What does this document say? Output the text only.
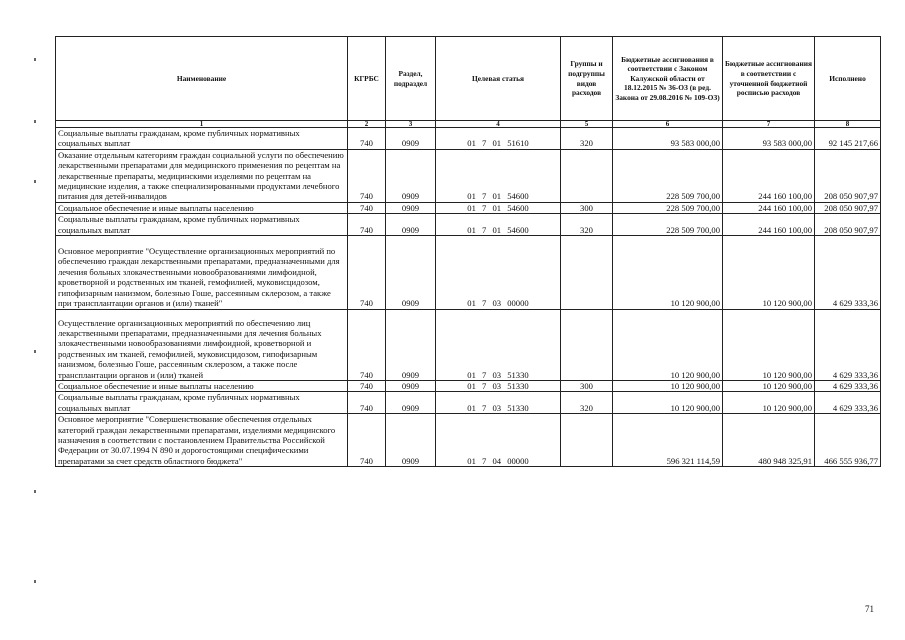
Наименование	КГРБС	Раздел, подраздел	Целевая статья	Группы и подгруппы видов расходов	Бюджетные ассигнования в соответствии с Законом Калужской области от 18.12.2015 № 36-ОЗ (в ред. Закона от 29.08.2016 № 109-ОЗ)	Бюджетные ассигнования в соответствии с уточненной бюджетной росписью расходов	Исполнено
1	2	3	4	5	6	7	8
Социальные выплаты гражданам, кроме публичных нормативных социальных выплат	740	0909	01 7 01 51610	320	93 583 000,00	93 583 000,00	92 145 217,66
Оказание отдельным категориям граждан социальной услуги по обеспечению лекарственными препаратами для медицинского применения по рецептам на лекарственные препараты, медицинскими изделиями по рецептам на медицинские изделия, а также специализированными продуктами лечебного питания для детей-инвалидов	740	0909	01 7 01 54600		228 509 700,00	244 160 100,00	208 050 907,97
Социальное обеспечение и иные выплаты населению	740	0909	01 7 01 54600	300	228 509 700,00	244 160 100,00	208 050 907,97
Социальные выплаты гражданам, кроме публичных нормативных социальных выплат	740	0909	01 7 01 54600	320	228 509 700,00	244 160 100,00	208 050 907,97
Основное мероприятие "Осуществление организационных мероприятий по обеспечению граждан лекарственными препаратами, предназначенными для лечения больных злокачественными новообразованиями лимфоидной, кроветворной и родственных им тканей, гемофилией, муковисцидозом, гипофизарным нанизмом, болезнью Гоше, рассеянным склерозом, а также при трансплантации органов и (или) тканей"	740	0909	01 7 03 00000		10 120 900,00	10 120 900,00	4 629 333,36
Осуществление организационных мероприятий по обеспечению лиц лекарственными препаратами, предназначенными для лечения больных злокачественными новообразованиями лимфоидной, кроветворной и родственных им тканей, гемофилией, муковисцидозом, гипофизарным нанизмом, болезнью Гоше, рассеянным склерозом, а также после трансплантации органов и (или) тканей	740	0909	01 7 03 51330		10 120 900,00	10 120 900,00	4 629 333,36
Социальное обеспечение и иные выплаты населению	740	0909	01 7 03 51330	300	10 120 900,00	10 120 900,00	4 629 333,36
Социальные выплаты гражданам, кроме публичных нормативных социальных выплат	740	0909	01 7 03 51330	320	10 120 900,00	10 120 900,00	4 629 333,36
Основное мероприятие "Совершенствование обеспечения отдельных категорий граждан лекарственными препаратами, изделиями медицинского назначения в соответствии с постановлением Правительства Российской Федерации от 30.07.1994 N 890 и дорогостоящими специфическими препаратами за счет средств областного бюджета"	740	0909	01 7 04 00000		596 321 114,59	480 948 325,91	466 555 936,77
71
